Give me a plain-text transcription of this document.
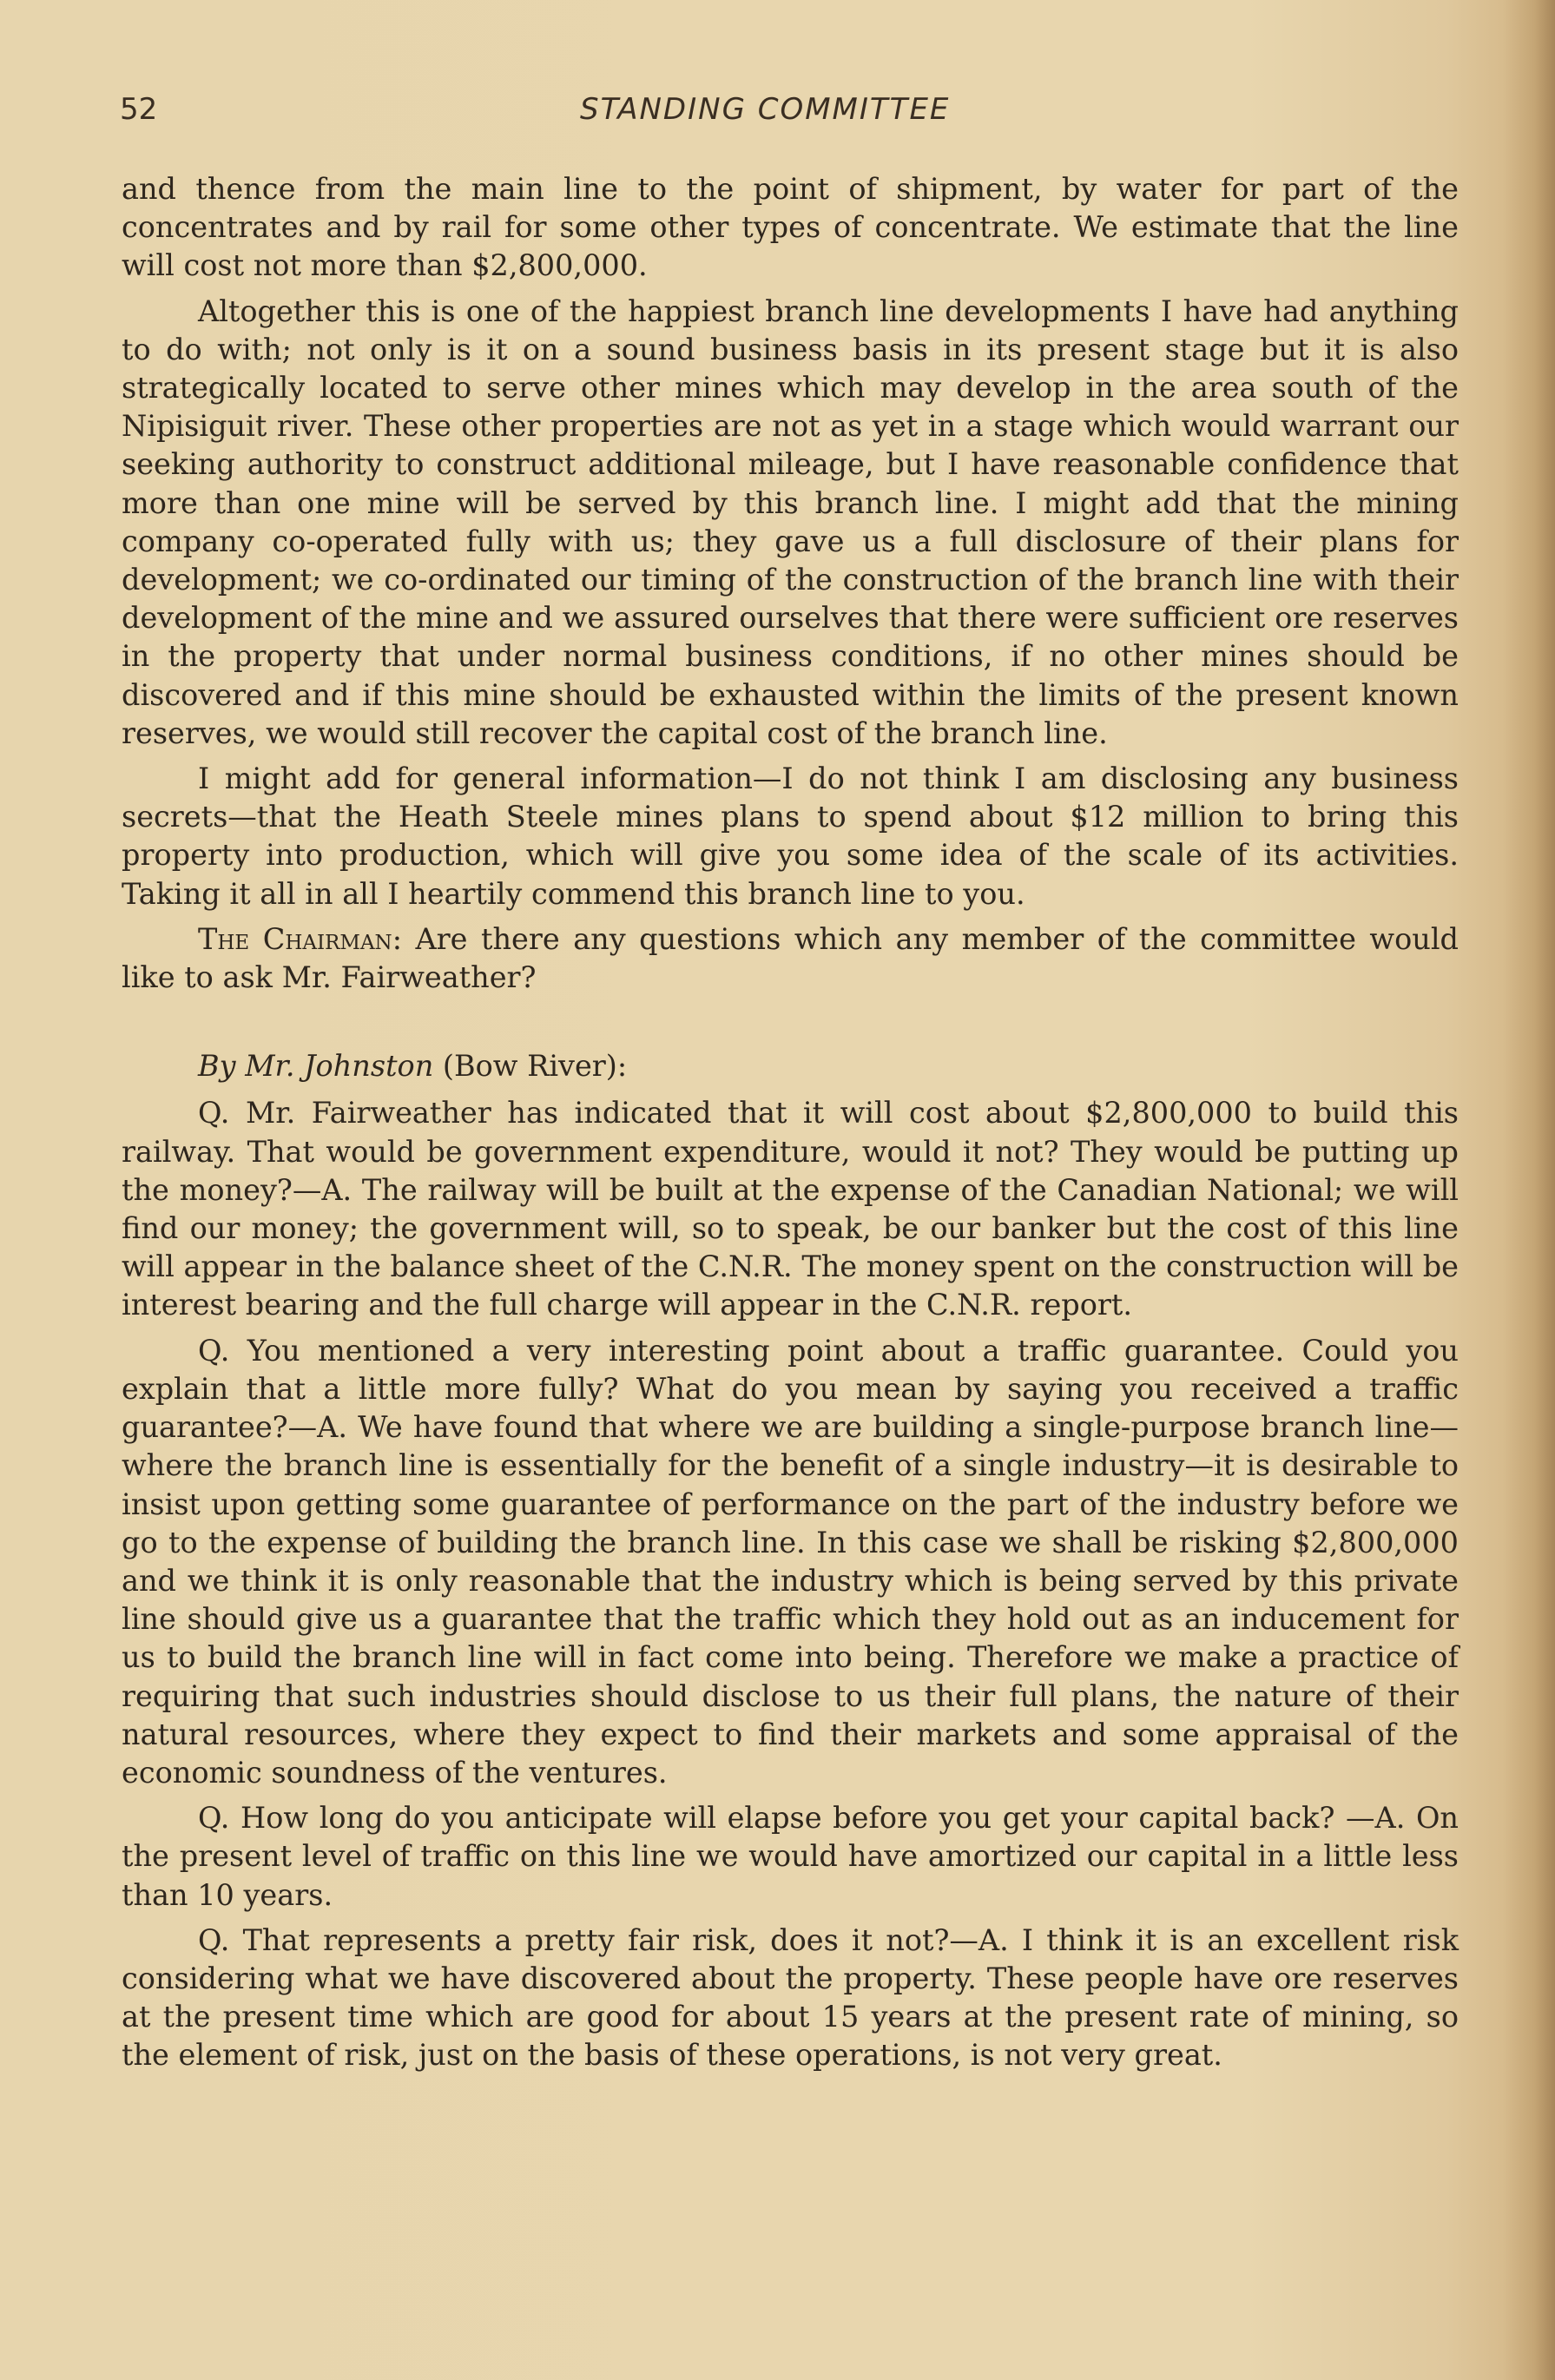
52	STANDING COMMITTEE

and thence from the main line to the point of shipment, by water for part of the concentrates and by rail for some other types of concentrate. We estimate that the line will cost not more than $2,800,000.

Altogether this is one of the happiest branch line developments I have had anything to do with; not only is it on a sound business basis in its present stage but it is also strategically located to serve other mines which may develop in the area south of the Nipisiguit river. These other properties are not as yet in a stage which would warrant our seeking authority to construct additional mileage, but I have reasonable confidence that more than one mine will be served by this branch line. I might add that the mining company co-operated fully with us; they gave us a full disclosure of their plans for development; we co-ordinated our timing of the construction of the branch line with their development of the mine and we assured ourselves that there were sufficient ore reserves in the property that under normal business conditions, if no other mines should be discovered and if this mine should be exhausted within the limits of the present known reserves, we would still recover the capital cost of the branch line.

I might add for general information—I do not think I am disclosing any business secrets—that the Heath Steele mines plans to spend about $12 million to bring this property into production, which will give you some idea of the scale of its activities. Taking it all in all I heartily commend this branch line to you.

The Chairman: Are there any questions which any member of the committee would like to ask Mr. Fairweather?

By Mr. Johnston (Bow River):

Q. Mr. Fairweather has indicated that it will cost about $2,800,000 to build this railway. That would be government expenditure, would it not? They would be putting up the money?—A. The railway will be built at the expense of the Canadian National; we will find our money; the government will, so to speak, be our banker but the cost of this line will appear in the balance sheet of the C.N.R. The money spent on the construction will be interest bearing and the full charge will appear in the C.N.R. report.

Q. You mentioned a very interesting point about a traffic guarantee. Could you explain that a little more fully? What do you mean by saying you received a traffic guarantee?—A. We have found that where we are building a single-purpose branch line—where the branch line is essentially for the benefit of a single industry—it is desirable to insist upon getting some guarantee of performance on the part of the industry before we go to the expense of building the branch line. In this case we shall be risking $2,800,000 and we think it is only reasonable that the industry which is being served by this private line should give us a guarantee that the traffic which they hold out as an inducement for us to build the branch line will in fact come into being. Therefore we make a practice of requiring that such industries should disclose to us their full plans, the nature of their natural resources, where they expect to find their markets and some appraisal of the economic soundness of the ventures.

Q. How long do you anticipate will elapse before you get your capital back? —A. On the present level of traffic on this line we would have amortized our capital in a little less than 10 years.

Q. That represents a pretty fair risk, does it not?—A. I think it is an excellent risk considering what we have discovered about the property. These people have ore reserves at the present time which are good for about 15 years at the present rate of mining, so the element of risk, just on the basis of these operations, is not very great.
